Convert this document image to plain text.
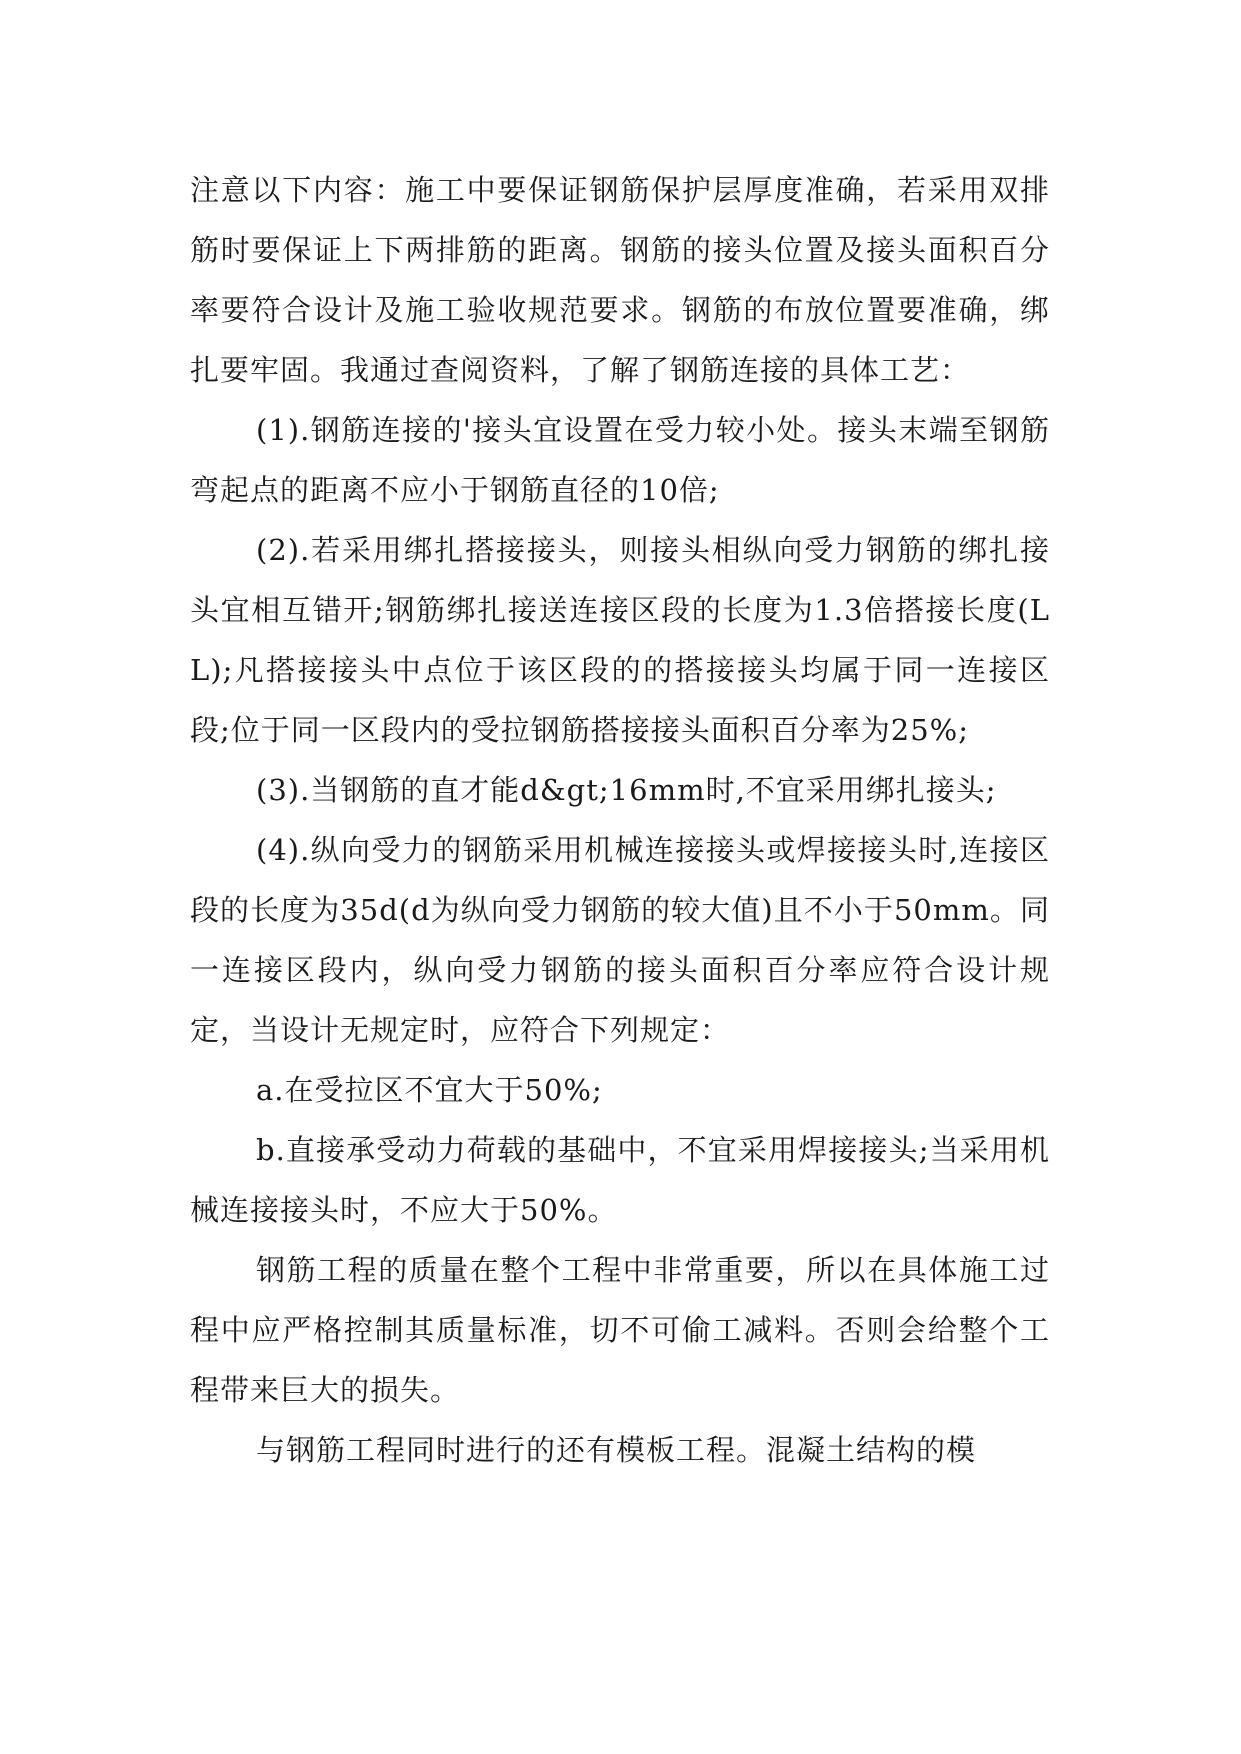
注意以下内容：施工中要保证钢筋保护层厚度准确，若采用双排筋时要保证上下两排筋的距离。钢筋的接头位置及接头面积百分率要符合设计及施工验收规范要求。钢筋的布放位置要准确，绑扎要牢固。我通过查阅资料，了解了钢筋连接的具体工艺：

(1).钢筋连接的'接头宜设置在受力较小处。接头末端至钢筋弯起点的距离不应小于钢筋直径的10倍;

(2).若采用绑扎搭接接头，则接头相纵向受力钢筋的绑扎接头宜相互错开;钢筋绑扎接送连接区段的长度为1.3倍搭接长度(LL);凡搭接接头中点位于该区段的的搭接接头均属于同一连接区段;位于同一区段内的受拉钢筋搭接接头面积百分率为25%;

(3).当钢筋的直才能d&gt;16mm时,不宜采用绑扎接头;

(4).纵向受力的钢筋采用机械连接接头或焊接接头时,连接区段的长度为35d(d为纵向受力钢筋的较大值)且不小于50mm。同一连接区段内，纵向受力钢筋的接头面积百分率应符合设计规定，当设计无规定时，应符合下列规定：

a.在受拉区不宜大于50%;

b.直接承受动力荷载的基础中，不宜采用焊接接头;当采用机械连接接头时，不应大于50%。

钢筋工程的质量在整个工程中非常重要，所以在具体施工过程中应严格控制其质量标准，切不可偷工减料。否则会给整个工程带来巨大的损失。

与钢筋工程同时进行的还有模板工程。混凝土结构的模
